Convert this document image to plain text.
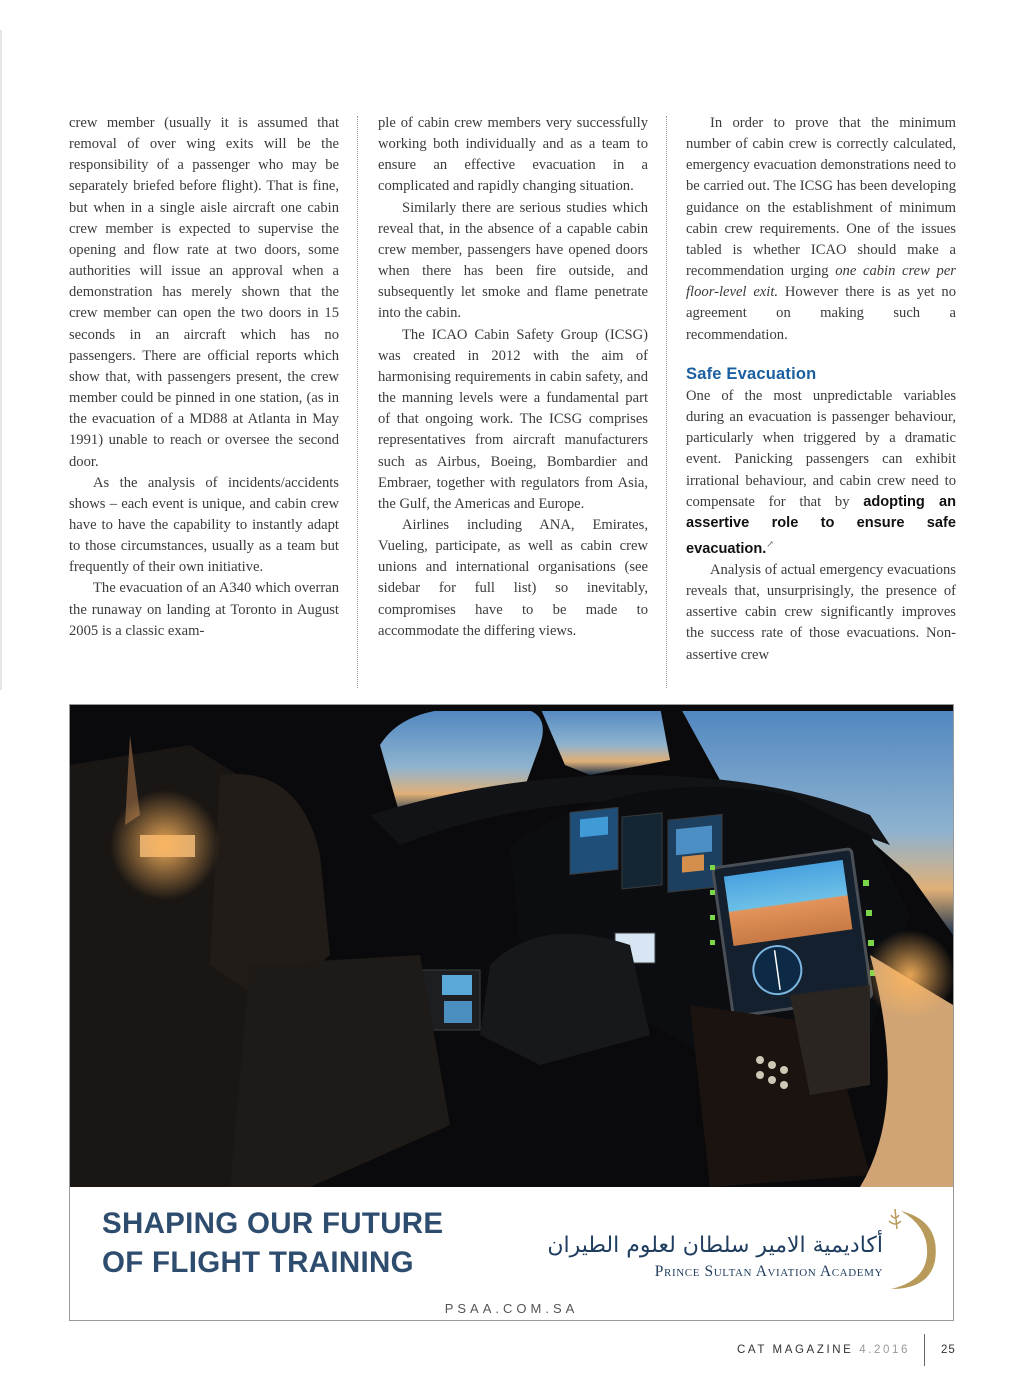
crew member (usually it is assumed that removal of over wing exits will be the responsibility of a passenger who may be separately briefed before flight). That is fine, but when in a single aisle aircraft one cabin crew member is expected to supervise the opening and flow rate at two doors, some authorities will issue an approval when a demonstration has merely shown that the crew member can open the two doors in 15 seconds in an aircraft which has no passengers. There are official reports which show that, with passengers present, the crew member could be pinned in one station, (as in the evacuation of a MD88 at Atlanta in May 1991) unable to reach or oversee the second door.

As the analysis of incidents/accidents shows – each event is unique, and cabin crew have to have the capability to instantly adapt to those circumstances, usually as a team but frequently of their own initiative.

The evacuation of an A340 which overran the runaway on landing at Toronto in August 2005 is a classic exam-

ple of cabin crew members very successfully working both individually and as a team to ensure an effective evacuation in a complicated and rapidly changing situation.

Similarly there are serious studies which reveal that, in the absence of a capable cabin crew member, passengers have opened doors when there has been fire outside, and subsequently let smoke and flame penetrate into the cabin.

The ICAO Cabin Safety Group (ICSG) was created in 2012 with the aim of harmonising requirements in cabin safety, and the manning levels were a fundamental part of that ongoing work. The ICSG comprises representatives from aircraft manufacturers such as Airbus, Boeing, Bombardier and Embraer, together with regulators from Asia, the Gulf, the Americas and Europe.

Airlines including ANA, Emirates, Vueling, participate, as well as cabin crew unions and international organisations (see sidebar for full list) so inevitably, compromises have to be made to accommodate the differing views.

In order to prove that the minimum number of cabin crew is correctly calculated, emergency evacuation demonstrations need to be carried out. The ICSG has been developing guidance on the establishment of minimum cabin crew requirements. One of the issues tabled is whether ICAO should make a recommendation urging one cabin crew per floor-level exit. However there is as yet no agreement on making such a recommendation.

Safe Evacuation

One of the most unpredictable variables during an evacuation is passenger behaviour, particularly when triggered by a dramatic event. Panicking passengers can exhibit irrational behaviour, and cabin crew need to compensate for that by adopting an assertive role to ensure safe evacuation.↗

Analysis of actual emergency evacuations reveals that, unsurprisingly, the presence of assertive cabin crew significantly improves the success rate of those evacuations. Non-assertive crew

SHAPING OUR FUTURE
OF FLIGHT TRAINING
أكاديمية الامير سلطان لعلوم الطيران
Prince Sultan Aviation Academy
PSAA.COM.SA
CAT MAGAZINE 4.2016	25
